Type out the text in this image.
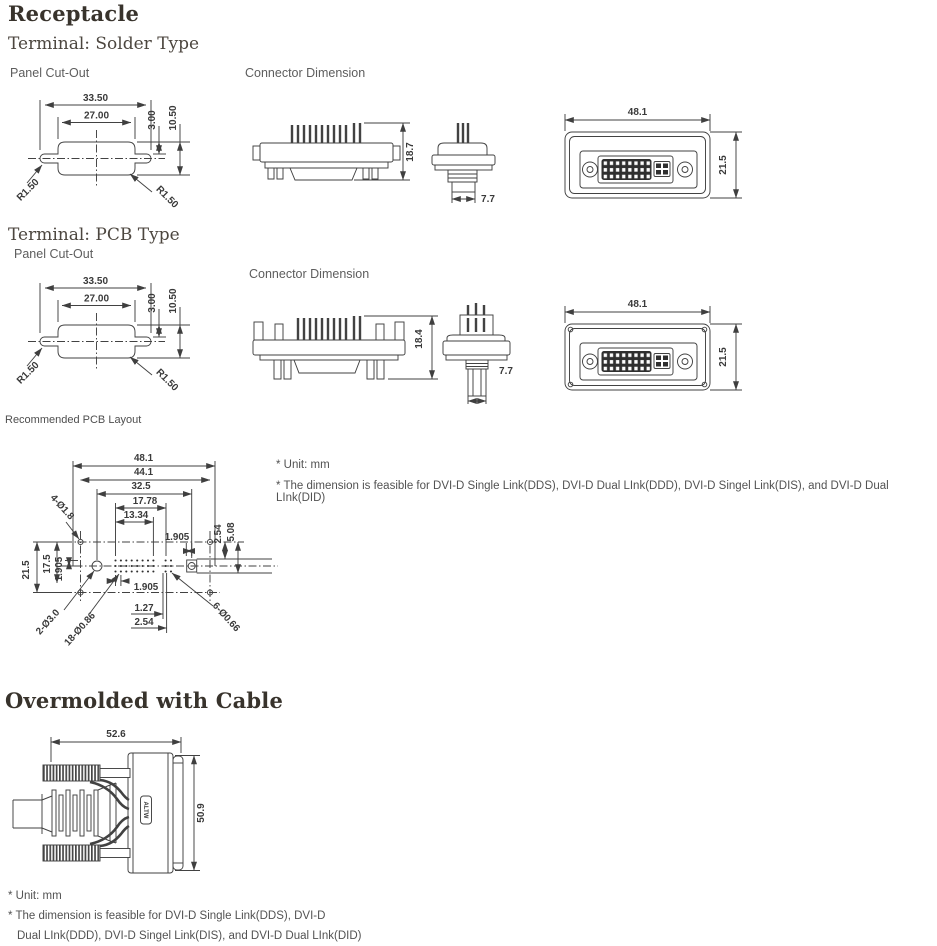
Receptacle
Terminal: Solder Type
Panel Cut-Out	Connector Dimension
33.50
27.00	3.00 10.50
R1.50	R1.50
18.7
7.7
48.1
21.5
Terminal: PCB Type
Panel Cut-Out
Connector Dimension
33.50
27.00	3.00 10.50
R1.50	R1.50
18.4
7.7
48.1
21.5
Recommended PCB Layout
48.1
44.1
32.5
17.78
13.34
21.5 17.5 1.905
1.905
1.905
1.27
2.54
2.54 5.08
4-Ø1.8
2-Ø3.0 18-Ø0.86	6-Ø0.66
* Unit: mm
* The dimension is feasible for DVI-D Single Link(DDS), DVI-D Dual LInk(DDD), DVI-D Singel Link(DIS), and DVI-D Dual LInk(DID)
Overmolded with Cable
52.6
50.9
ALTW
* Unit: mm
* The dimension is feasible for DVI-D Single Link(DDS), DVI-D
Dual LInk(DDD), DVI-D Singel Link(DIS), and DVI-D Dual LInk(DID)
